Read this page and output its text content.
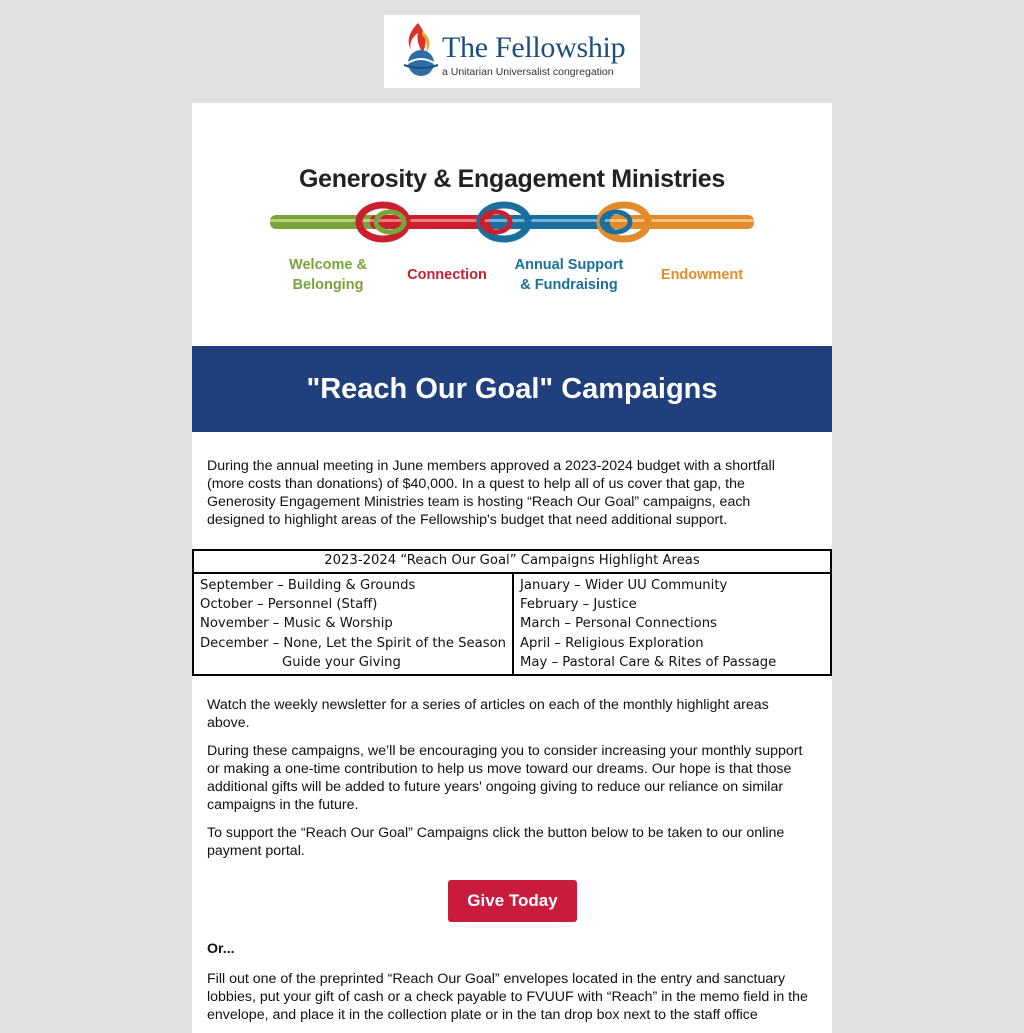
The Fellowship
a Unitarian Universalist congregation
Generosity & Engagement Ministries
Welcome & Belonging
Connection
Annual Support & Fundraising
Endowment
"Reach Our Goal" Campaigns

During the annual meeting in June members approved a 2023-2024 budget with a shortfall (more costs than donations) of $40,000. In a quest to help all of us cover that gap, the Generosity Engagement Ministries team is hosting “Reach Our Goal” campaigns, each designed to highlight areas of the Fellowship's budget that need additional support.

2023-2024 “Reach Our Goal” Campaigns Highlight Areas
September – Building & Grounds
October – Personnel (Staff)
November – Music & Worship
December – None, Let the Spirit of the Season
Guide your Giving
January – Wider UU Community
February – Justice
March – Personal Connections
April – Religious Exploration
May – Pastoral Care & Rites of Passage

Watch the weekly newsletter for a series of articles on each of the monthly highlight areas above.

During these campaigns, we’ll be encouraging you to consider increasing your monthly support or making a one-time contribution to help us move toward our dreams. Our hope is that those additional gifts will be added to future years' ongoing giving to reduce our reliance on similar campaigns in the future.

To support the “Reach Our Goal” Campaigns click the button below to be taken to our online payment portal.

Give Today
Or...

Fill out one of the preprinted “Reach Our Goal” envelopes located in the entry and sanctuary lobbies, put your gift of cash or a check payable to FVUUF with “Reach” in the memo field in the envelope, and place it in the collection plate or in the tan drop box next to the staff office
